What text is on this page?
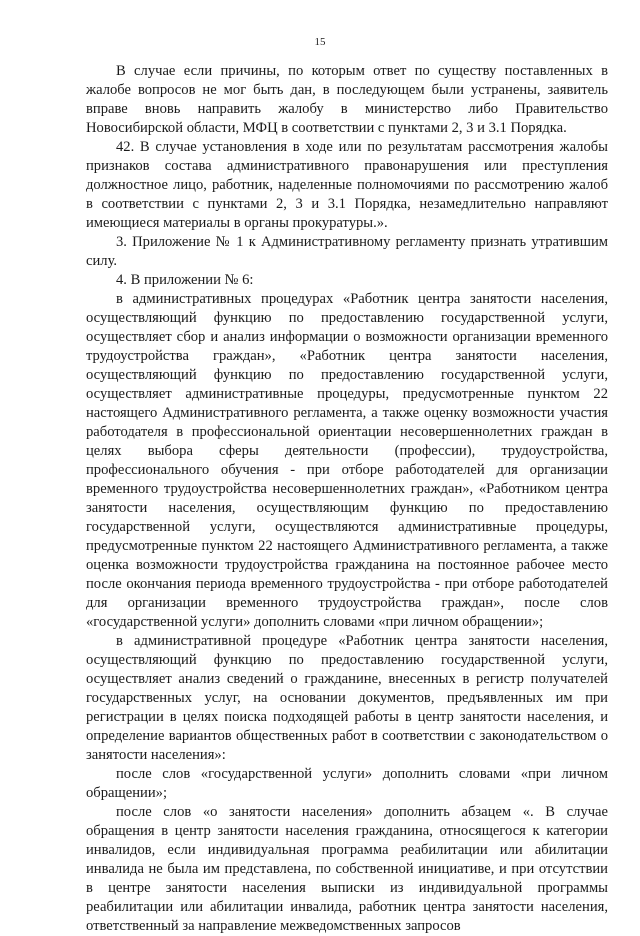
15

В случае если причины, по которым ответ по существу поставленных в жалобе вопросов не мог быть дан, в последующем были устранены, заявитель вправе вновь направить жалобу в министерство либо Правительство Новосибирской области, МФЦ в соответствии с пунктами 2, 3 и 3.1 Порядка.

42. В случае установления в ходе или по результатам рассмотрения жалобы признаков состава административного правонарушения или преступления должностное лицо, работник, наделенные полномочиями по рассмотрению жалоб в соответствии с пунктами 2, 3 и 3.1 Порядка, незамедлительно направляют имеющиеся материалы в органы прокуратуры.».

3. Приложение № 1 к Административному регламенту признать утратившим силу.

4. В приложении № 6:

в административных процедурах «Работник центра занятости населения, осуществляющий функцию по предоставлению государственной услуги, осуществляет сбор и анализ информации о возможности организации временного трудоустройства граждан», «Работник центра занятости населения, осуществляющий функцию по предоставлению государственной услуги, осуществляет административные процедуры, предусмотренные пунктом 22 настоящего Административного регламента, а также оценку возможности участия работодателя в профессиональной ориентации несовершеннолетних граждан в целях выбора сферы деятельности (профессии), трудоустройства, профессионального обучения - при отборе работодателей для организации временного трудоустройства несовершеннолетних граждан», «Работником центра занятости населения, осуществляющим функцию по предоставлению государственной услуги, осуществляются административные процедуры, предусмотренные пунктом 22 настоящего Административного регламента, а также оценка возможности трудоустройства гражданина на постоянное рабочее место после окончания периода временного трудоустройства - при отборе работодателей для организации временного трудоустройства граждан», после слов «государственной услуги» дополнить словами «при личном обращении»;

в административной процедуре «Работник центра занятости населения, осуществляющий функцию по предоставлению государственной услуги, осуществляет анализ сведений о гражданине, внесенных в регистр получателей государственных услуг, на основании документов, предъявленных им при регистрации в целях поиска подходящей работы в центр занятости населения, и определение вариантов общественных работ в соответствии с законодательством о занятости населения»:

после слов «государственной услуги» дополнить словами «при личном обращении»;

после слов «о занятости населения» дополнить абзацем «. В случае обращения в центр занятости населения гражданина, относящегося к категории инвалидов, если индивидуальная программа реабилитации или абилитации инвалида не была им представлена, по собственной инициативе, и при отсутствии в центре занятости населения выписки из индивидуальной программы реабилитации или абилитации инвалида, работник центра занятости населения, ответственный за направление межведомственных запросов
